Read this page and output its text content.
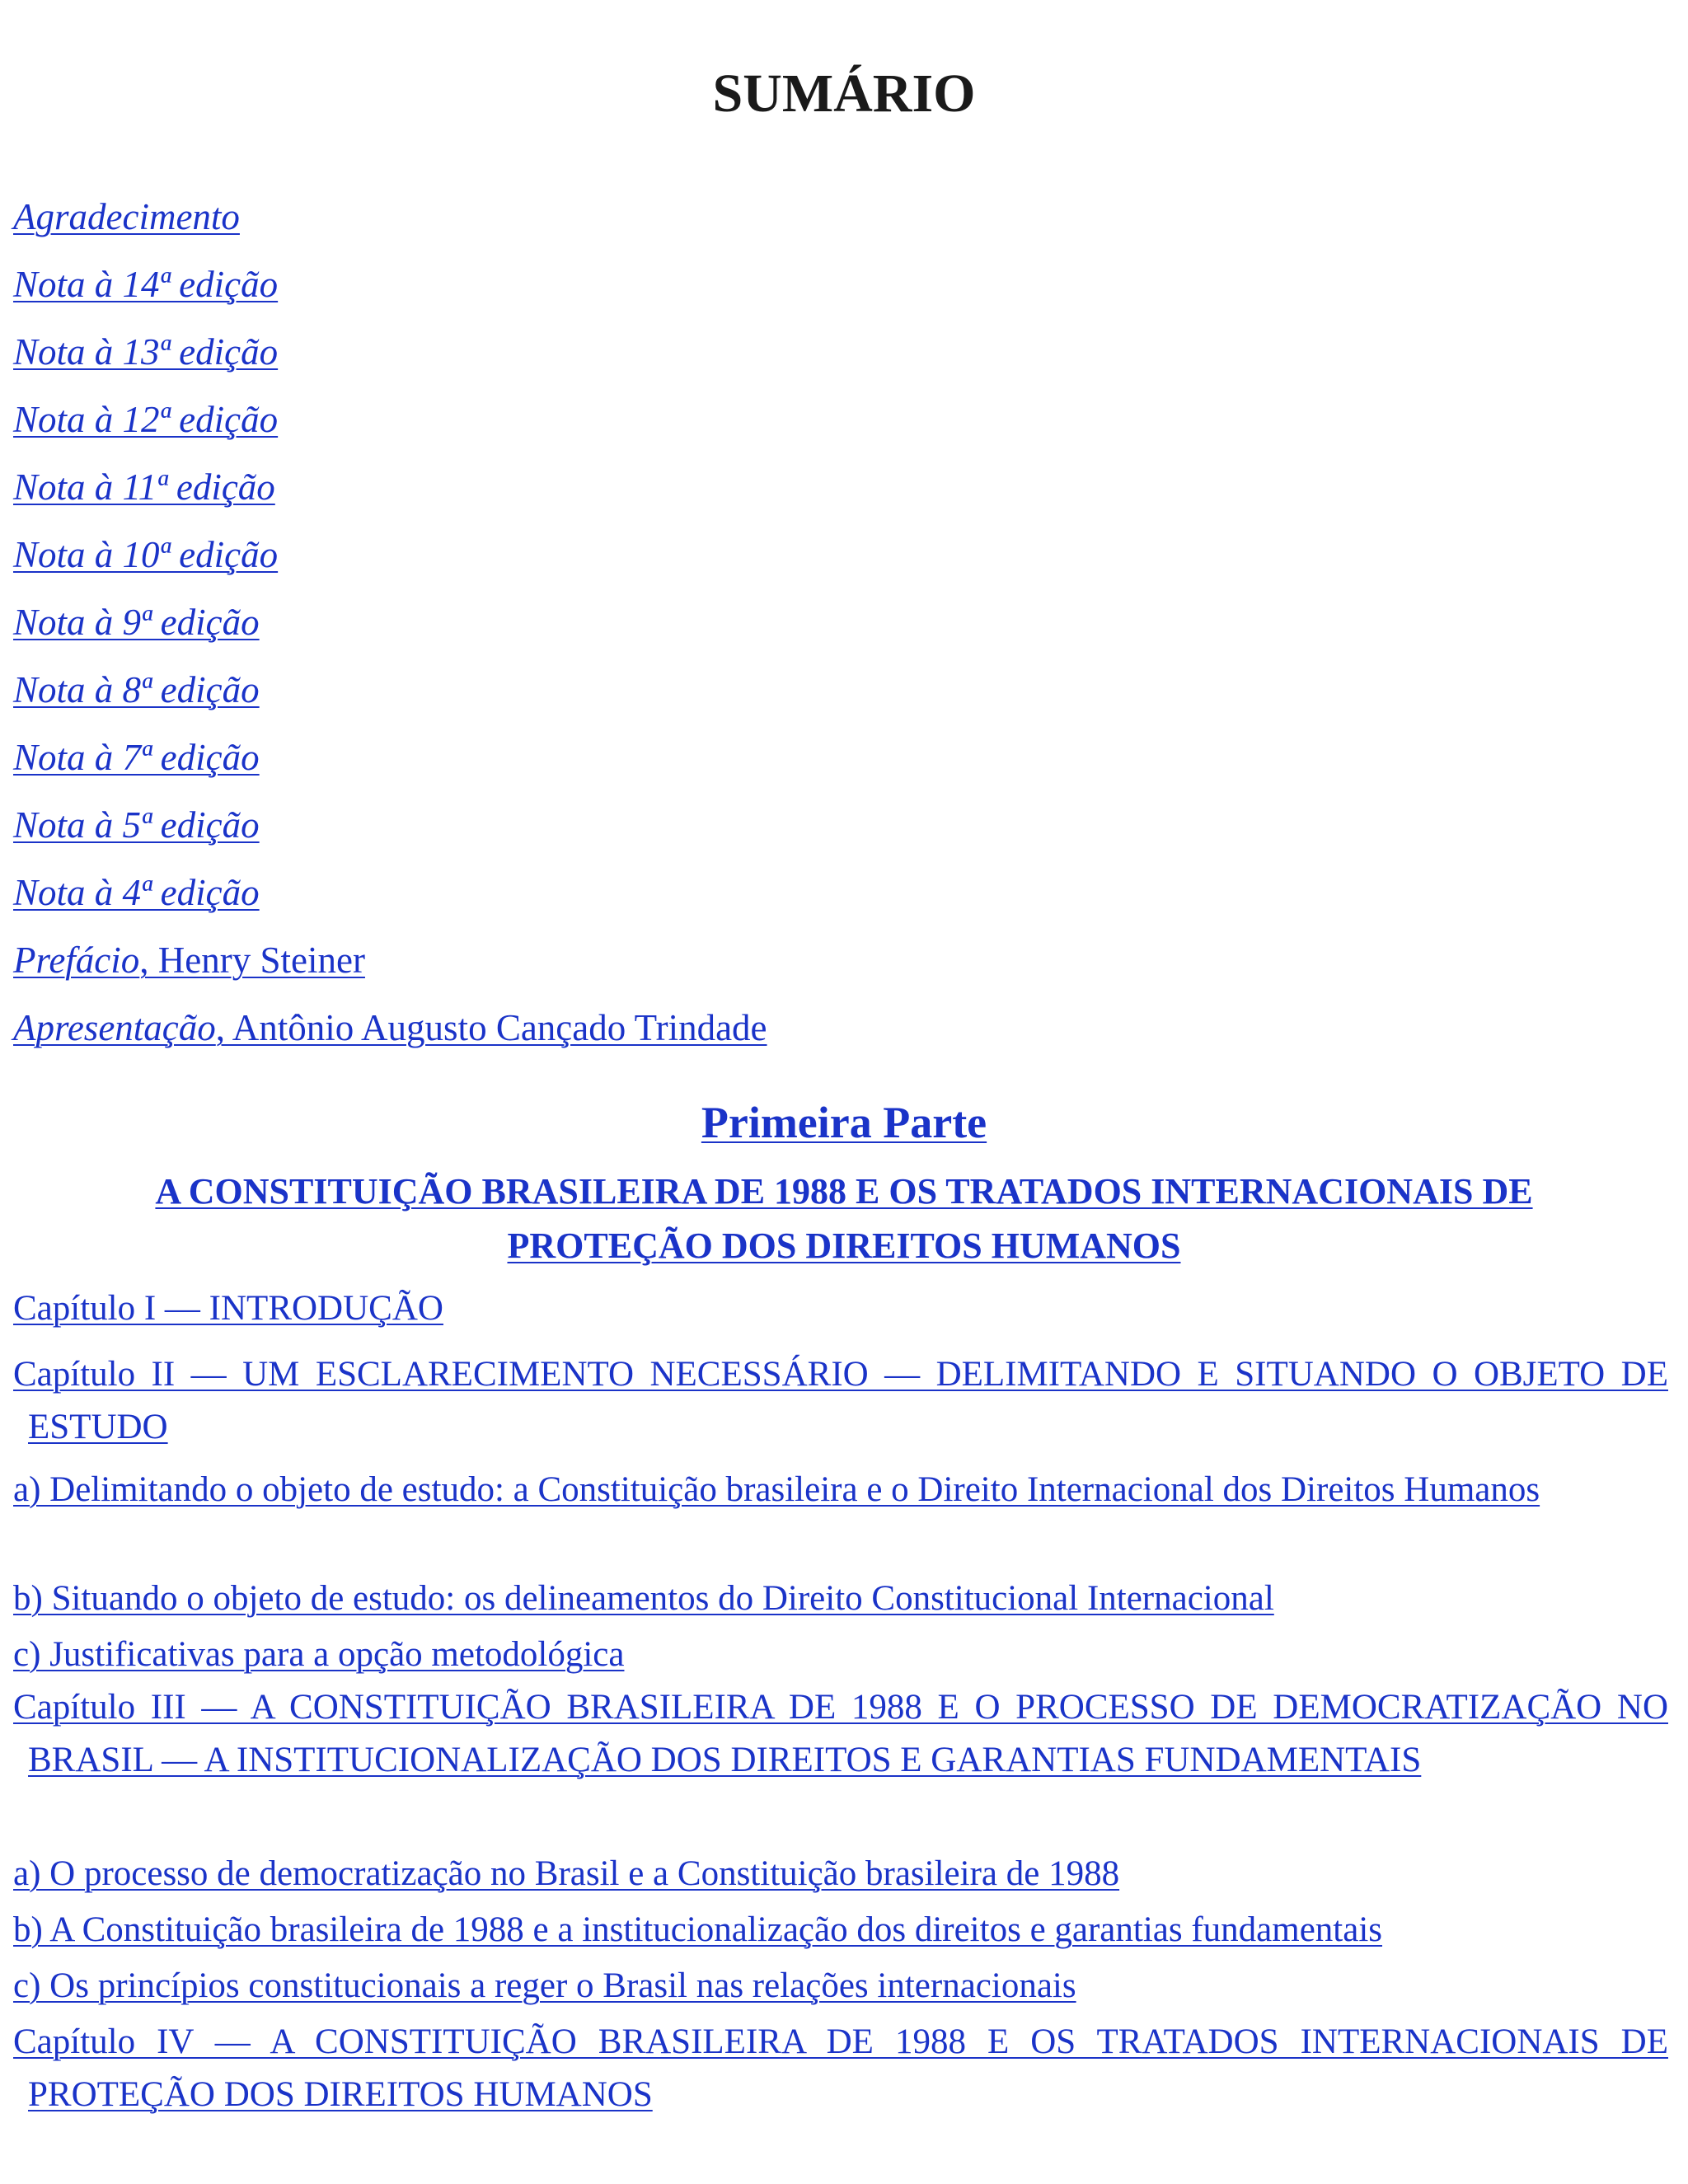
SUMÁRIO
Agradecimento
Nota à 14ª edição
Nota à 13ª edição
Nota à 12ª edição
Nota à 11ª edição
Nota à 10ª edição
Nota à 9ª edição
Nota à 8ª edição
Nota à 7ª edição
Nota à 5ª edição
Nota à 4ª edição
Prefácio, Henry Steiner
Apresentação, Antônio Augusto Cançado Trindade
Primeira Parte
A CONSTITUIÇÃO BRASILEIRA DE 1988 E OS TRATADOS INTERNACIONAIS DE PROTEÇÃO DOS DIREITOS HUMANOS
Capítulo I — INTRODUÇÃO
Capítulo II — UM ESCLARECIMENTO NECESSÁRIO — DELIMITANDO E SITUANDO O OBJETO DE ESTUDO
a) Delimitando o objeto de estudo: a Constituição brasileira e o Direito Internacional dos Direitos Humanos
b) Situando o objeto de estudo: os delineamentos do Direito Constitucional Internacional
c) Justificativas para a opção metodológica
Capítulo III — A CONSTITUIÇÃO BRASILEIRA DE 1988 E O PROCESSO DE DEMOCRATIZAÇÃO NO BRASIL — A INSTITUCIONALIZAÇÃO DOS DIREITOS E GARANTIAS FUNDAMENTAIS
a) O processo de democratização no Brasil e a Constituição brasileira de 1988
b) A Constituição brasileira de 1988 e a institucionalização dos direitos e garantias fundamentais
c) Os princípios constitucionais a reger o Brasil nas relações internacionais
Capítulo IV — A CONSTITUIÇÃO BRASILEIRA DE 1988 E OS TRATADOS INTERNACIONAIS DE PROTEÇÃO DOS DIREITOS HUMANOS
